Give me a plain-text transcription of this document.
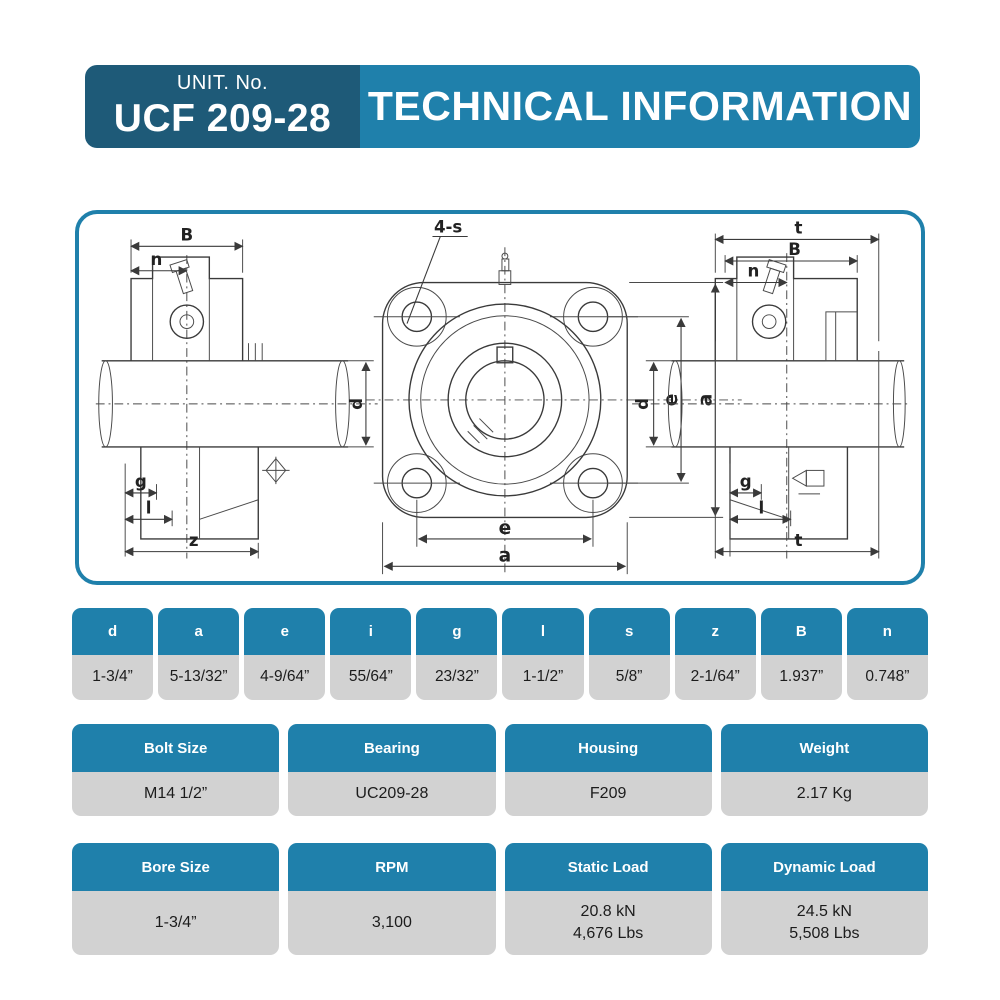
UNIT. No.
UCF 209-28 TECHNICAL INFORMATION
B
n
d
g
l
z
4-s
e a
e
a
t
B
n
d
g
l
t
d
1-3/4”
a
5-13/32”
e
4-9/64”
i
55/64”
g
23/32”
l
1-1/2”
s
5/8”
z
2-1/64”
B
1.937”
n
0.748”
Bolt Size
M14 1/2”
Bearing
UC209-28
Housing
F209
Weight
2.17 Kg
Bore Size
1-3/4”
RPM
3,100
Static Load
20.8 kN
4,676 Lbs
Dynamic Load
24.5 kN
5,508 Lbs
